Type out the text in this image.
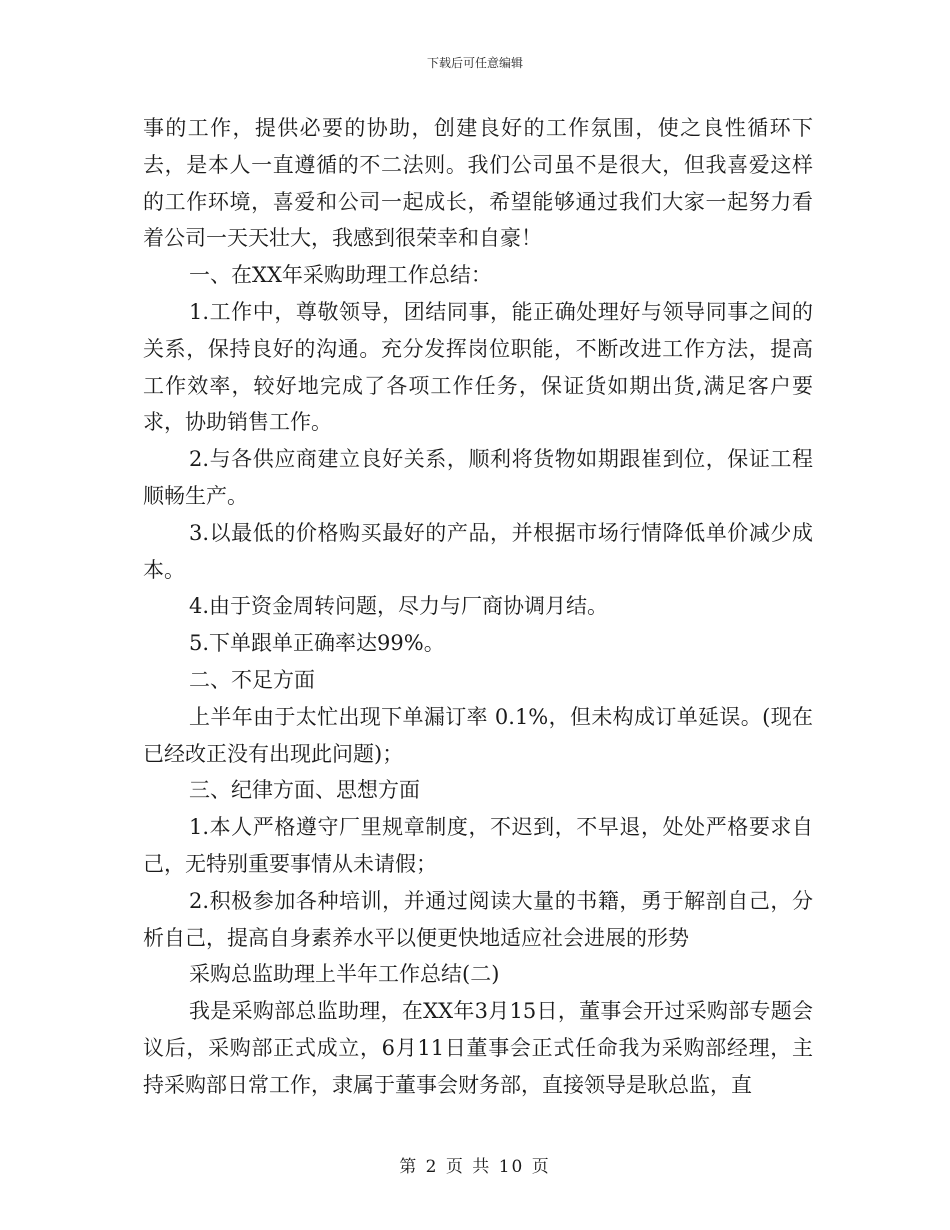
下载后可任意编辑

事的工作，提供必要的协助，创建良好的工作氛围，使之良性循环下去，是本人一直遵循的不二法则。我们公司虽不是很大，但我喜爱这样的工作环境，喜爱和公司一起成长，希望能够通过我们大家一起努力看着公司一天天壮大，我感到很荣幸和自豪！

一、在XX年采购助理工作总结：

1.工作中，尊敬领导，团结同事，能正确处理好与领导同事之间的关系，保持良好的沟通。充分发挥岗位职能，不断改进工作方法，提高工作效率，较好地完成了各项工作任务，保证货如期出货,满足客户要求，协助销售工作。

2.与各供应商建立良好关系，顺利将货物如期跟崔到位，保证工程顺畅生产。

3.以最低的价格购买最好的产品，并根据市场行情降低单价减少成本。

4.由于资金周转问题，尽力与厂商协调月结。

5.下单跟单正确率达99%。

二、不足方面

上半年由于太忙出现下单漏订率 0.1%，但未构成订单延误。(现在已经改正没有出现此问题)；

三、纪律方面、思想方面

1.本人严格遵守厂里规章制度，不迟到，不早退，处处严格要求自己，无特别重要事情从未请假；

2.积极参加各种培训，并通过阅读大量的书籍，勇于解剖自己，分析自己，提高自身素养水平以便更快地适应社会进展的形势

采购总监助理上半年工作总结(二)

我是采购部总监助理，在XX年3月15日，董事会开过采购部专题会议后，采购部正式成立，6月11日董事会正式任命我为采购部经理，主持采购部日常工作，隶属于董事会财务部，直接领导是耿总监，直

第 2 页 共 10 页
